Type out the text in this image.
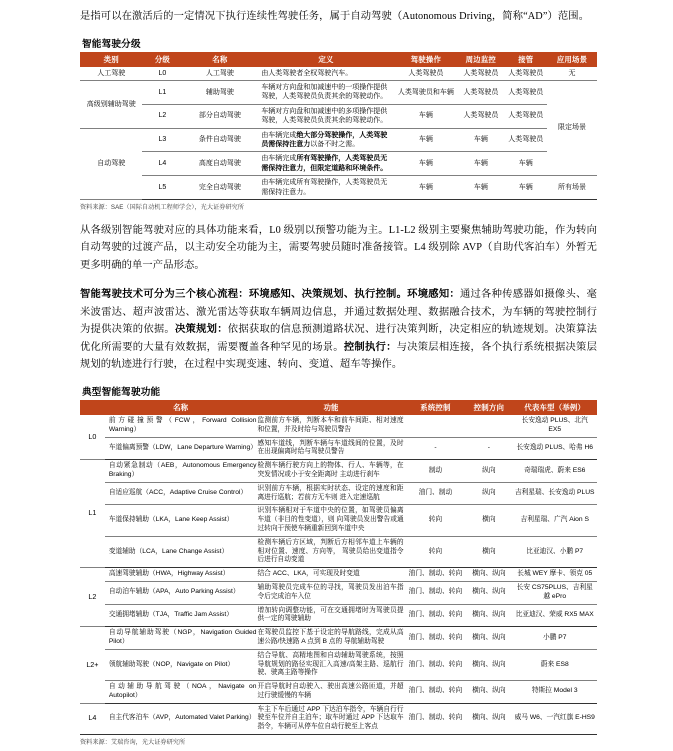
是指可以在激活后的一定情况下执行连续性驾驶任务，属于自动驾驶（Autonomous Driving，简称“AD”）范围。

智能驾驶分级
类别	分级	名称	定义	驾驶操作	周边监控	接管	应用场景
人工驾驶	L0	人工驾驶	由人类驾驶者全权驾驶汽车。	人类驾驶员	人类驾驶员	人类驾驶员	无
高级别辅助驾驶	L1	辅助驾驶	车辆对方向盘和加减速中的一项操作提供驾驶，人类驾驶员负责其余的驾驶动作。	人类驾驶员和车辆	人类驾驶员	人类驾驶员	限定场景
	L2	部分自动驾驶	车辆对方向盘和加减速中的多项操作提供驾驶，人类驾驶员负责其余的驾驶动作。	车辆	人类驾驶员	人类驾驶员	
自动驾驶	L3	条件自动驾驶	由车辆完成绝大部分驾驶操作，人类驾驶员需保持注意力以备不时之需。	车辆	车辆	人类驾驶员	
	L4	高度自动驾驶	由车辆完成所有驾驶操作，人类驾驶员无需保持注意力，但限定道路和环境条件。	车辆	车辆	车辆	
	L5	完全自动驾驶	由车辆完成所有驾驶操作，人类驾驶员无需保持注意力。	车辆	车辆	车辆	所有场景
资料来源：SAE（国际自动机工程师学会），光大证券研究所

从各级别智能驾驶对应的具体功能来看，L0 级别以预警功能为主。L1-L2 级别主要聚焦辅助驾驶功能，作为转向自动驾驶的过渡产品，以主动安全功能为主，需要驾驶员随时准备接管。L4 级别除 AVP（自助代客泊车）外暂无更多明确的单一产品形态。

智能驾驶技术可分为三个核心流程：环境感知、决策规划、执行控制。环境感知：通过各种传感器如摄像头、毫米波雷达、超声波雷达、激光雷达等获取车辆周边信息，并通过数据处理、数据融合技术，为车辆的驾驶控制行为提供决策的依据。决策规划：依据获取的信息预测道路状况、进行决策判断，决定相应的轨迹规划。决策算法优化所需要的大量有效数据，需要覆盖各种罕见的场景。控制执行：与决策层相连接，各个执行系统根据决策层规划的轨迹进行行驶，在过程中实现变速、转向、变道、超车等操作。

典型智能驾驶功能
	名称	功能	系统控制	控制方向	代表车型（举例）
L0	前方碰撞预警（FCW，Forward Collision Warning）	监测前方车辆，判断本车和前车间距、相对速度和位置，并及时给与驾驶员警告			长安逸动 PLUS、北汽 EX5
	车道偏离预警（LDW，Lane Departure Warning）	感知车道线，判断车辆与车道线间的位置，及时在出现偏离时给与驾驶员警告	-	-	长安逸动 PLUS、哈弗 H6
L1	自动紧急制动（AEB，Autonomous Emergency Braking）	检测车辆行驶方向上的物体、行人、车辆等，在突发情况或小于安全距离时 主动进行刹车	制动	纵向	奇瑞瑞虎、蔚来 ES6
	自适应巡航（ACC，Adaptive Cruise Control）	识别前方车辆，根据实时状态、设定的速度和距离进行巡航；若前方无车则 进入定速巡航	油门、制动	纵向	吉利星瑞、长安逸动 PLUS
	车道保持辅助（LKA，Lane Keep Assist）	识别车辆相对于车道中央的位置，如驾驶员偏离车道（非目的性变道），则 向驾驶员发出警告或通过转向干预使车辆重新回到车道中央	转向	横向	吉利星瑞、广汽 Aion S
	变道辅助（LCA，Lane Change Assist）	检测车辆后方区域，判断后方相邻车道上车辆的相对位置、速度、方向等， 驾驶员给出变道指令后进行自动变道	转向	横向	比亚迪汉、小鹏 P7
L2	高速驾驶辅助（HWA，Highway Assist）	结合 ACC、LKA，可实现及时变道	油门、制动、转向	横向、纵向	长城 WEY 摩卡、领克 05
	自动泊车辅助（APA，Auto Parking Assist）	辅助驾驶员完成车位的寻找，驾驶员发出泊车指令后完成泊车入位	油门、制动、转向	横向、纵向	长安 CS75PLUS、吉利星越 ePro
	交通拥堵辅助（TJA，Traffic Jam Assist）	增加转向调整功能，可在交通拥堵时为驾驶员提供一定的驾驶辅助	油门、制动、转向	横向、纵向	比亚迪汉、荣威 RX5 MAX
L2+	自动导航辅助驾驶（NGP，Navigation Guided Pilot）	在驾驶员监控下基于设定的导航路线，完成从高速公路/快速路 A 点到 B 点的 导航辅助驾驶	油门、制动、转向	横向、纵向	小鹏 P7
	领航辅助驾驶（NOP，Navigate on Pilot）	结合导航、高精地图和自动辅助驾驶系统，按照导航规划的路径实现汇入高速/高架主路、巡航行驶、驶离主路等操作	油门、制动、转向	横向、纵向	蔚来 ES8
	自动辅助导航驾驶（NOA，Navigate on Autopilot）	开启导航时自动驶入、驶出高速公路匝道，并超过行驶缓慢的车辆	油门、制动、转向	横向、纵向	特斯拉 Model 3
L4	自主代客泊车（AVP，Automated Valet Parking）	车主下车后通过 APP 下达泊车指令，车辆自行行驶至车位并自主泊车；取车时通过 APP 下达取车指令，车辆可从停车位自动行驶至上客点	油门、制动、转向	横向、纵向	威马 W6、一汽红旗 E-HS9
资料来源：艾瑞咨询，光大证券研究所
